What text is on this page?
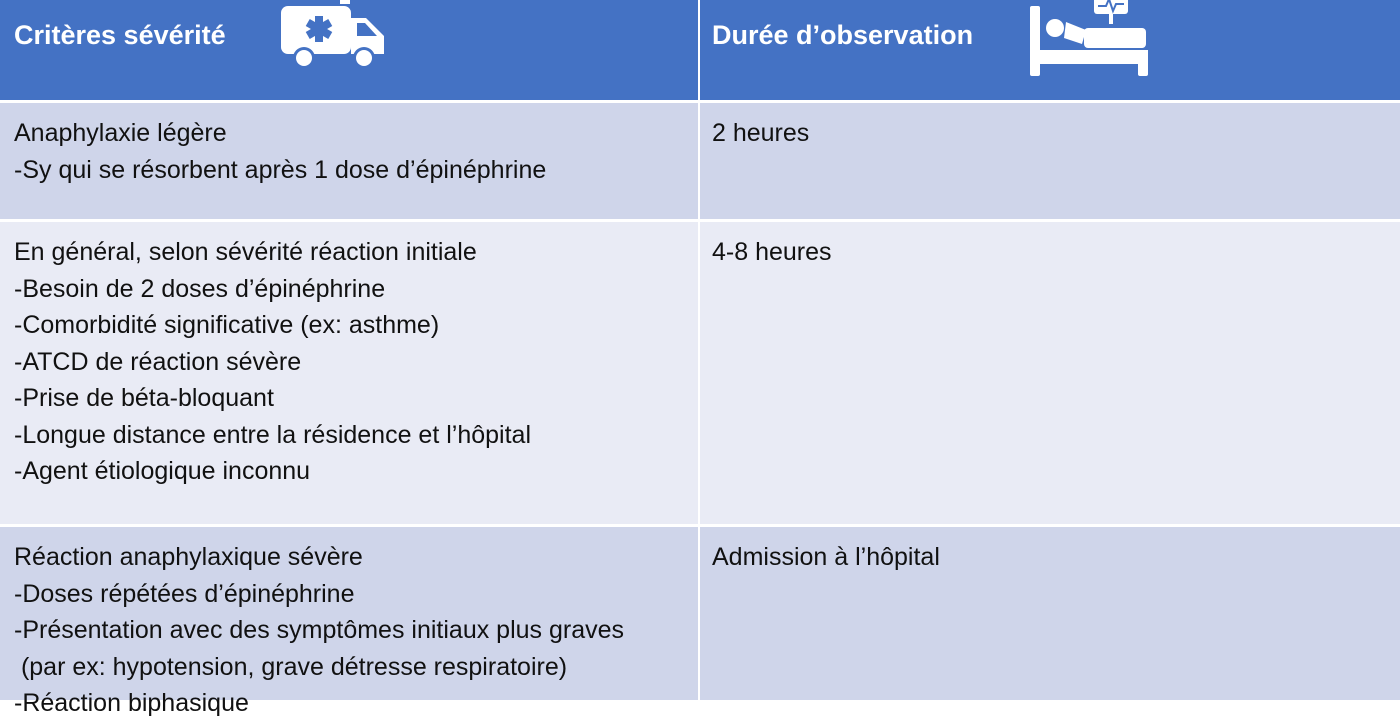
Critères sévérité	Durée d’observation
Anaphylaxie légère
-Sy qui se résorbent après 1 dose d’épinéphrine
2 heures
En général, selon sévérité réaction initiale
-Besoin de 2 doses d’épinéphrine
-Comorbidité significative (ex: asthme)
-ATCD de réaction sévère
-Prise de béta-bloquant
-Longue distance entre la résidence et l’hôpital
-Agent étiologique inconnu
4-8 heures
Réaction anaphylaxique sévère
-Doses répétées d’épinéphrine
-Présentation avec des symptômes initiaux plus graves
(par ex: hypotension, grave détresse respiratoire)
-Réaction biphasique
Admission à l’hôpital
